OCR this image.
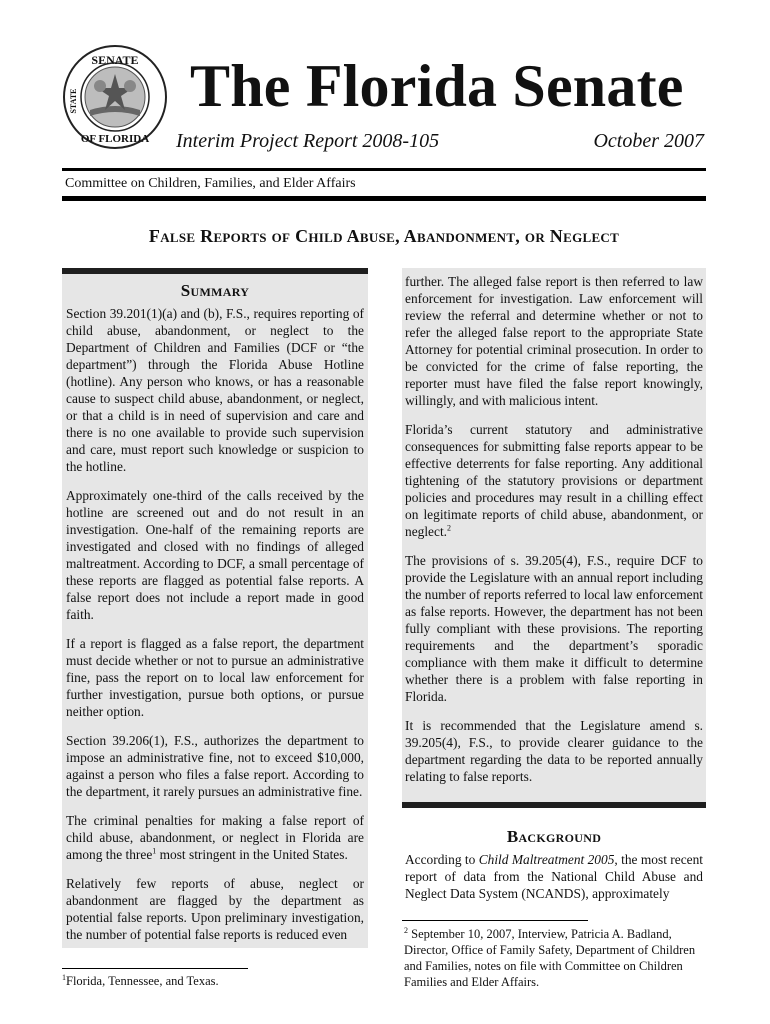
SENATE
OF FLORIDA
STATE The Florida Senate
Interim Project Report 2008-105	October 2007
Committee on Children, Families, and Elder Affairs
False Reports of Child Abuse, Abandonment, or Neglect
Summary

Section 39.201(1)(a) and (b), F.S., requires reporting of child abuse, abandonment, or neglect to the Department of Children and Families (DCF or “the department”) through the Florida Abuse Hotline (hotline). Any person who knows, or has a reasonable cause to suspect child abuse, abandonment, or neglect, or that a child is in need of supervision and care and there is no one available to provide such supervision and care, must report such knowledge or suspicion to the hotline.

Approximately one-third of the calls received by the hotline are screened out and do not result in an investigation. One-half of the remaining reports are investigated and closed with no findings of alleged maltreatment. According to DCF, a small percentage of these reports are flagged as potential false reports. A false report does not include a report made in good faith.

If a report is flagged as a false report, the department must decide whether or not to pursue an administrative fine, pass the report on to local law enforcement for further investigation, pursue both options, or pursue neither option.

Section 39.206(1), F.S., authorizes the department to impose an administrative fine, not to exceed $10,000, against a person who files a false report. According to the department, it rarely pursues an administrative fine.

The criminal penalties for making a false report of child abuse, abandonment, or neglect in Florida are among the three$^1$ most stringent in the United States.

Relatively few reports of abuse, neglect or abandonment are flagged by the department as potential false reports. Upon preliminary investigation, the number of potential false reports is reduced even

further. The alleged false report is then referred to law enforcement for investigation. Law enforcement will review the referral and determine whether or not to refer the alleged false report to the appropriate State Attorney for potential criminal prosecution. In order to be convicted for the crime of false reporting, the reporter must have filed the false report knowingly, willingly, and with malicious intent.

Florida’s current statutory and administrative consequences for submitting false reports appear to be effective deterrents for false reporting. Any additional tightening of the statutory provisions or department policies and procedures may result in a chilling effect on legitimate reports of child abuse, abandonment, or neglect.$^2$

The provisions of s. 39.205(4), F.S., require DCF to provide the Legislature with an annual report including the number of reports referred to local law enforcement as false reports. However, the department has not been fully compliant with these provisions. The reporting requirements and the department’s sporadic compliance with them make it difficult to determine whether there is a problem with false reporting in Florida.

It is recommended that the Legislature amend s. 39.205(4), F.S., to provide clearer guidance to the department regarding the data to be reported annually relating to false reports.

Background

According to Child Maltreatment 2005, the most recent report of data from the National Child Abuse and Neglect Data System (NCANDS), approximately

$^1$Florida, Tennessee, and Texas.
$^2$ September 10, 2007, Interview, Patricia A. Badland, Director, Office of Family Safety, Department of Children and Families, notes on file with Committee on Children Families and Elder Affairs.
